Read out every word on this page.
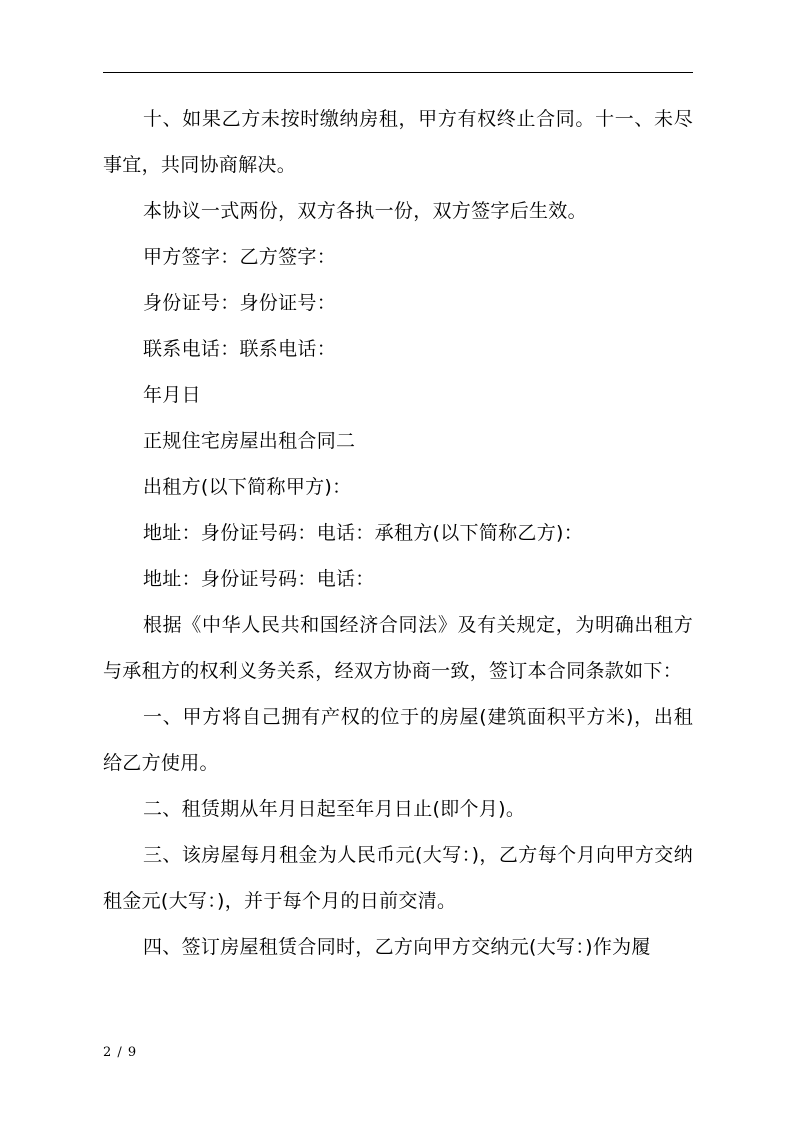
十、如果乙方未按时缴纳房租，甲方有权终止合同。十一、未尽事宜，共同协商解决。

本协议一式两份，双方各执一份，双方签字后生效。

甲方签字：乙方签字：

身份证号：身份证号：

联系电话：联系电话：

年月日

正规住宅房屋出租合同二

出租方(以下简称甲方)：

地址：身份证号码：电话：承租方(以下简称乙方)：

地址：身份证号码：电话：

根据《中华人民共和国经济合同法》及有关规定，为明确出租方与承租方的权利义务关系，经双方协商一致，签订本合同条款如下：

一、甲方将自己拥有产权的位于的房屋(建筑面积平方米)，出租给乙方使用。

二、租赁期从年月日起至年月日止(即个月)。

三、该房屋每月租金为人民币元(大写：)，乙方每个月向甲方交纳租金元(大写：)，并于每个月的日前交清。

四、签订房屋租赁合同时，乙方向甲方交纳元(大写：)作为履

2 / 9
